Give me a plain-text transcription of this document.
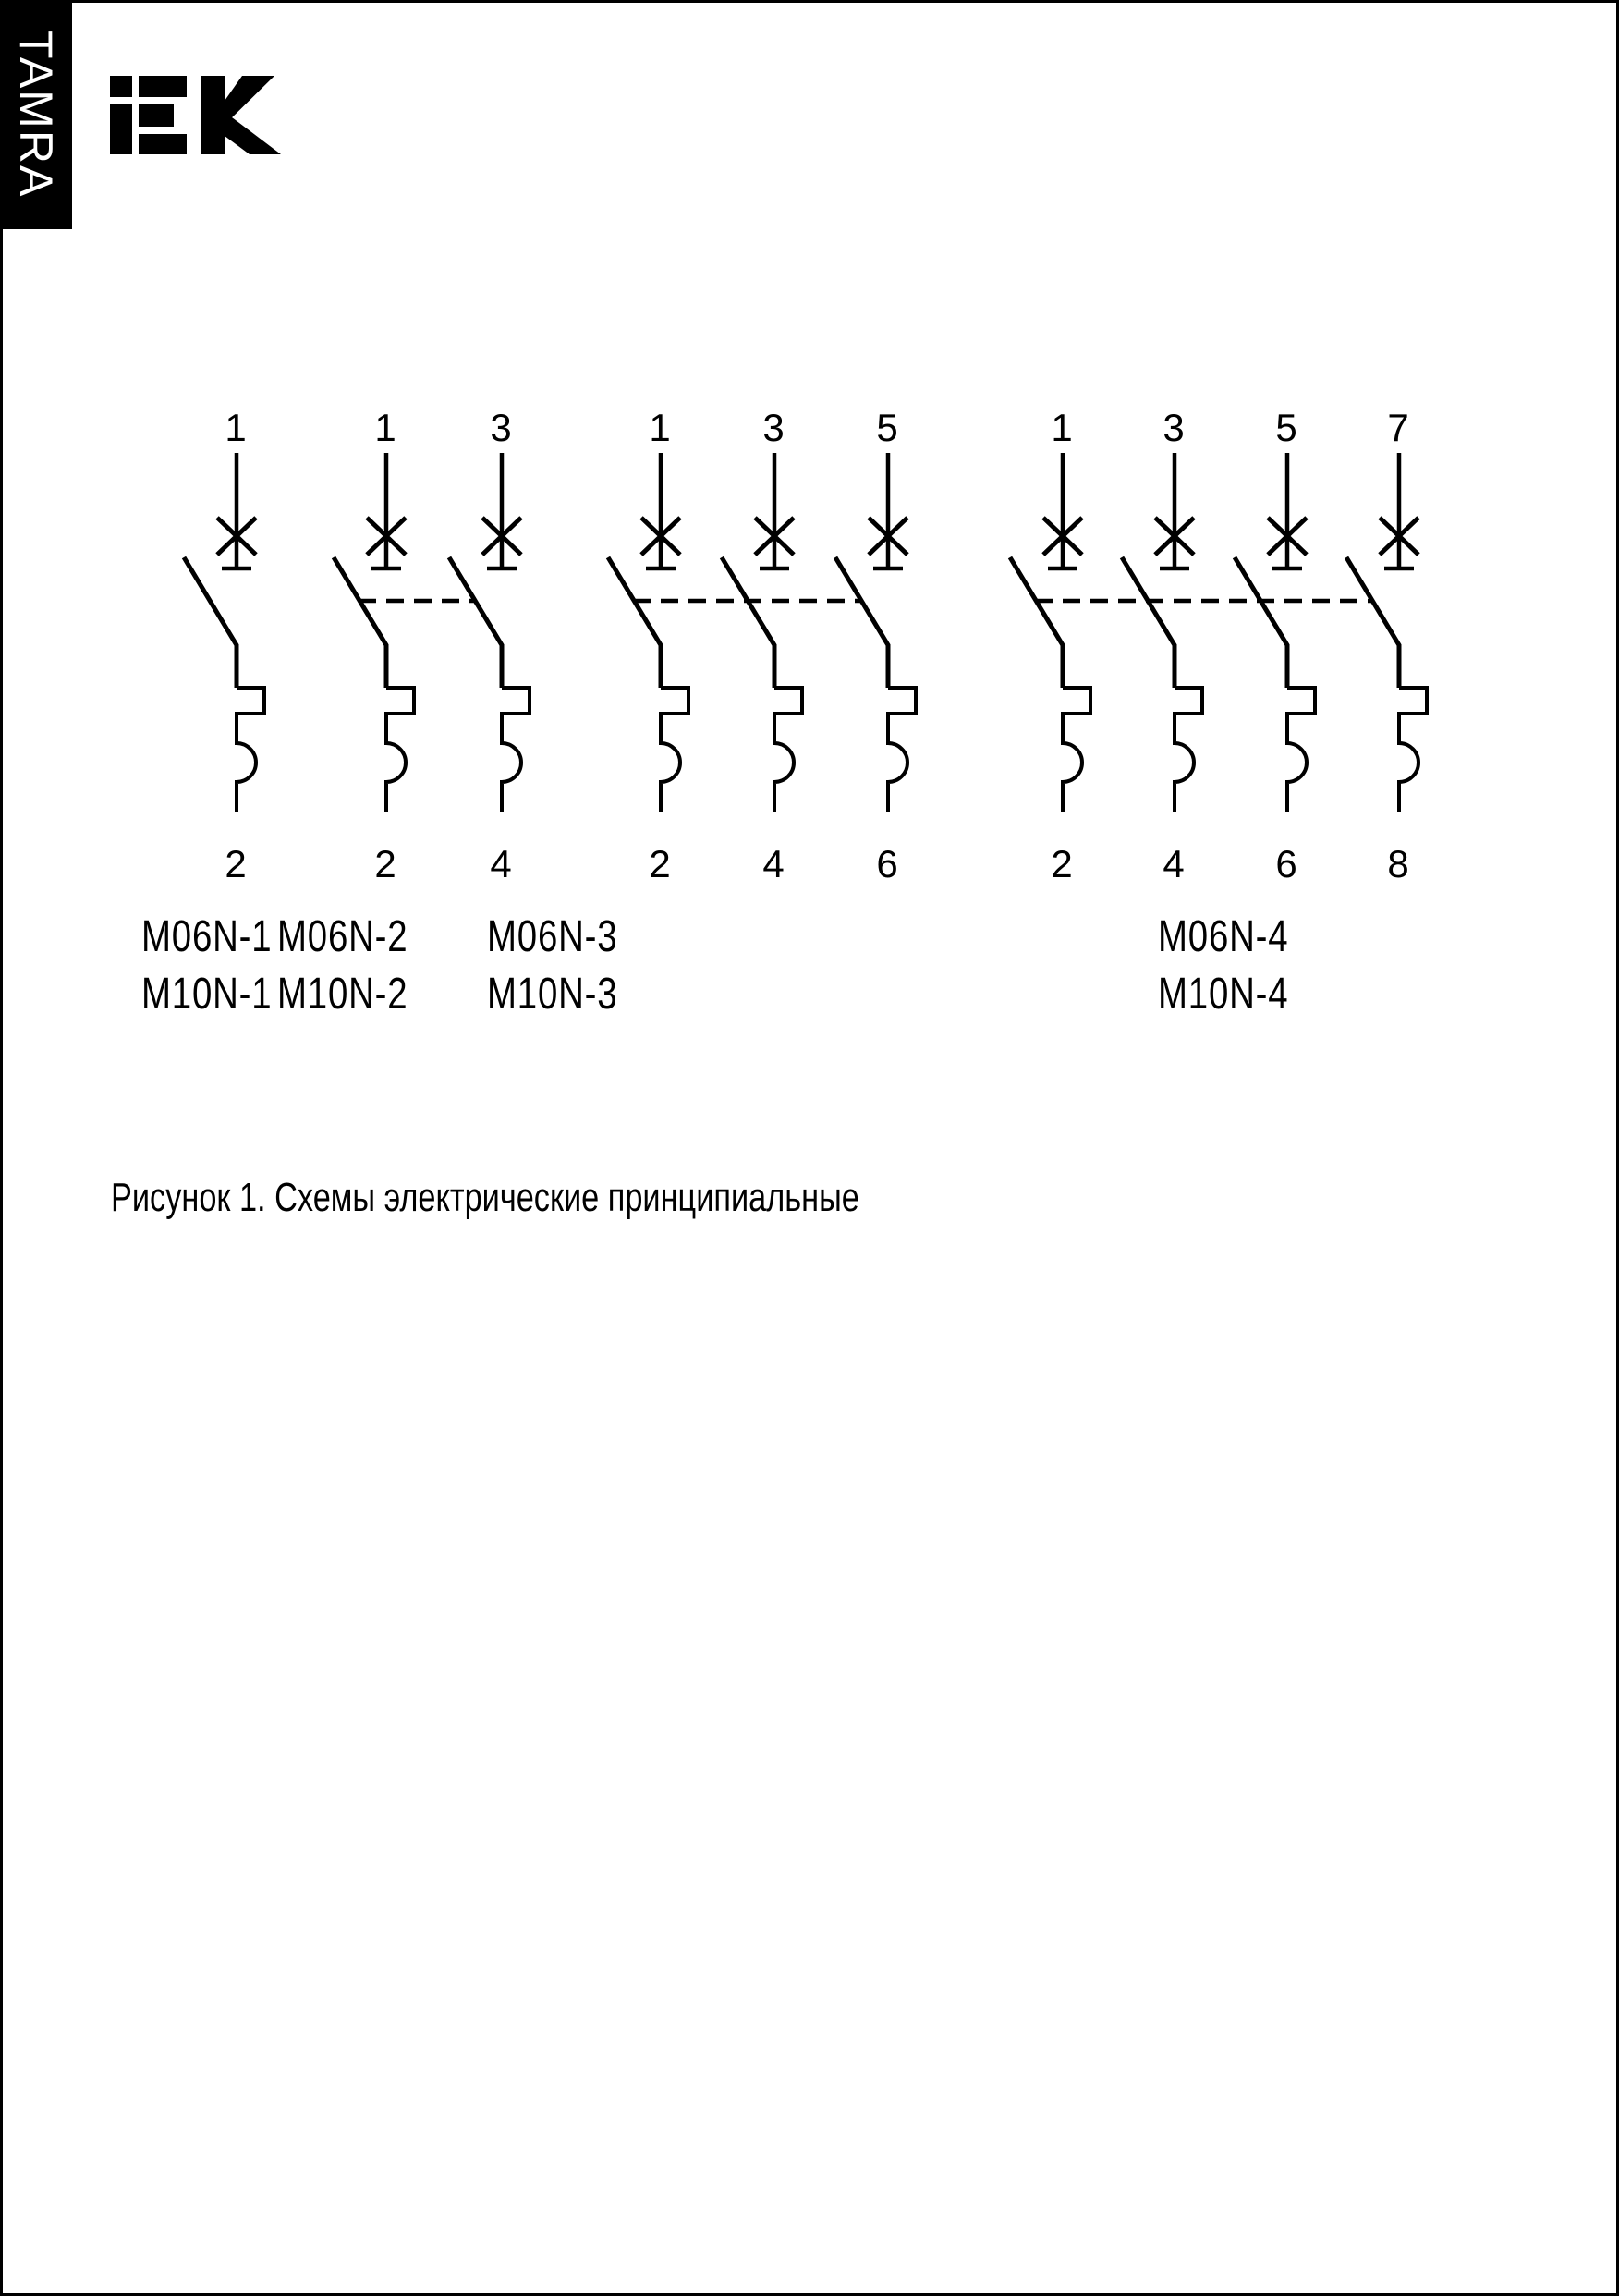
TAMRA
1
2
1
2
3
4
1
2
3
4
5
6
1
2
3
4
5
6
7
8
M06N-1
M10N-1
M06N-2
M10N-2
M06N-3
M10N-3
M06N-4
M10N-4
Рисунок 1. Схемы электрические принципиальные
